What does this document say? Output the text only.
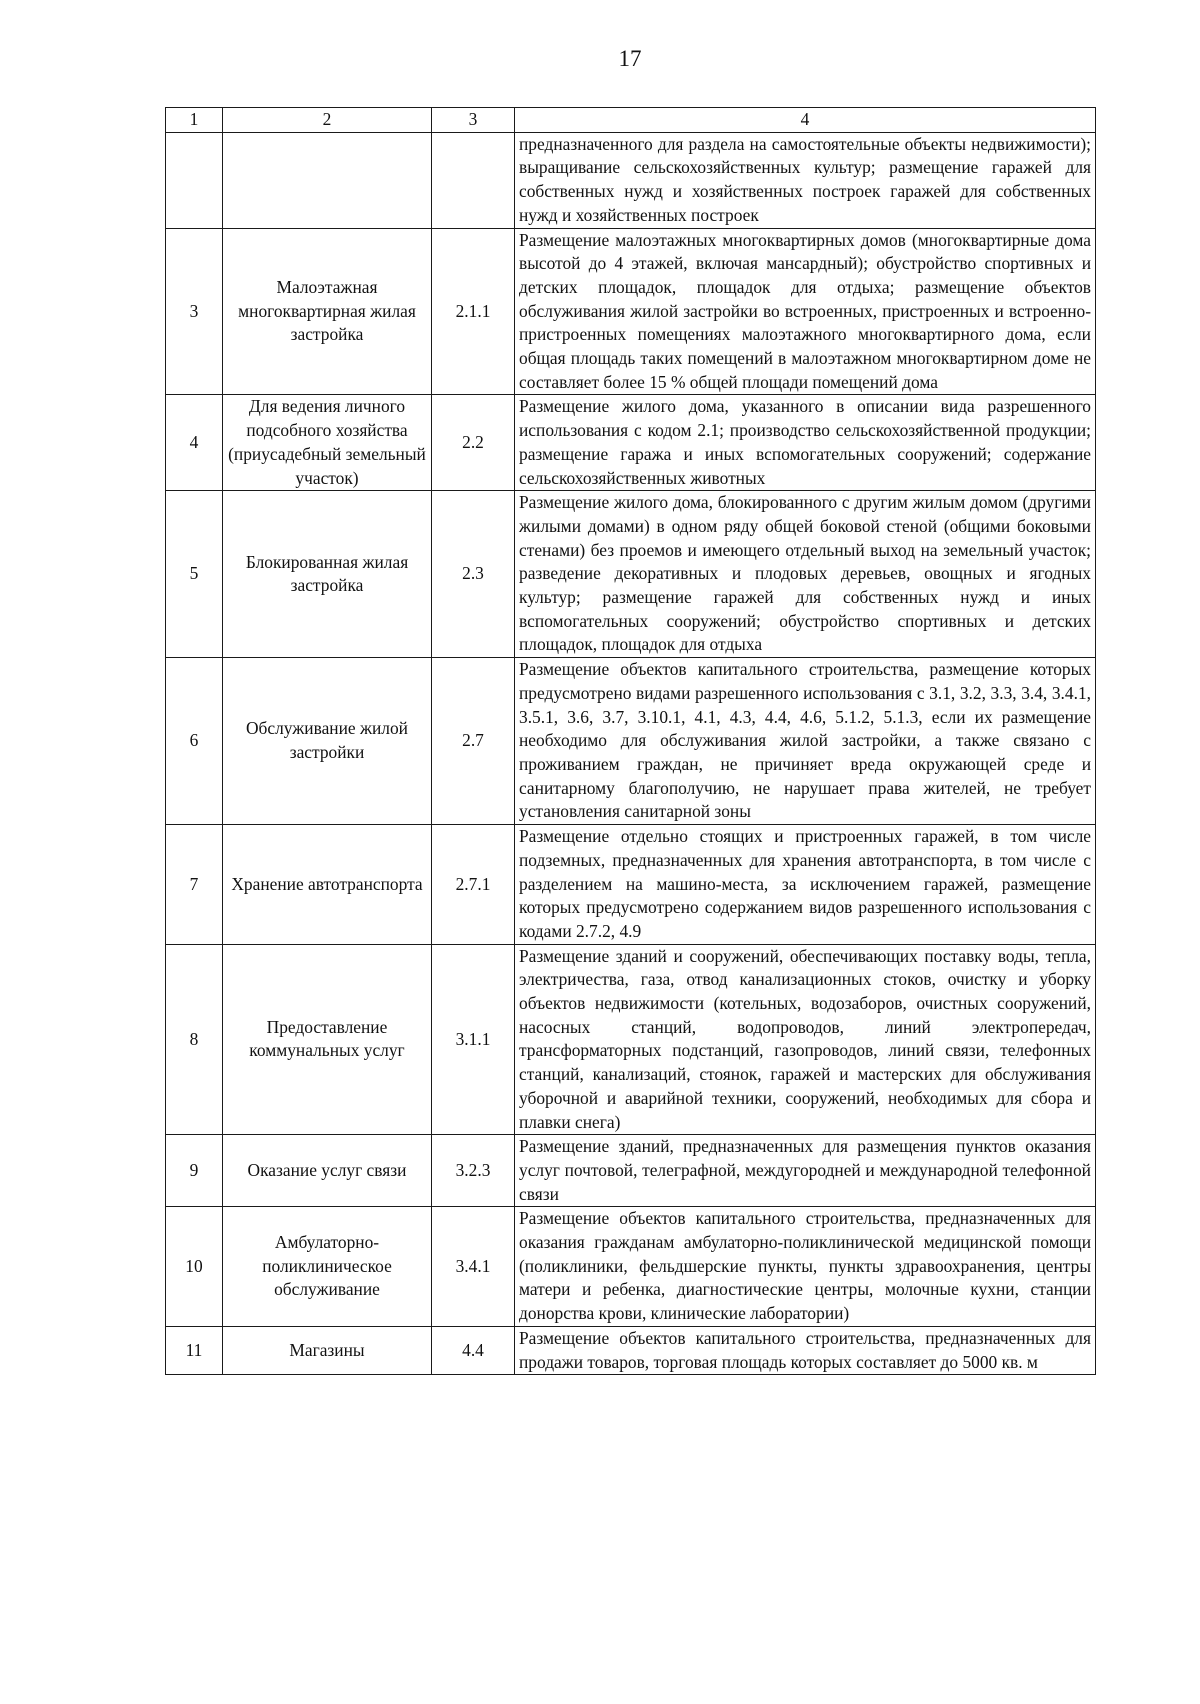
17
1	2	3	4
			предназначенного для раздела на самостоятельные объекты недвижимости); выращивание сельскохозяйственных культур; размещение гаражей для собственных нужд и хозяйственных построек гаражей для собственных нужд и хозяйственных построек
3	Малоэтажная многоквартирная жилая застройка	2.1.1	Размещение малоэтажных многоквартирных домов (многоквартирные дома высотой до 4 этажей, включая мансардный); обустройство спортивных и детских площадок, площадок для отдыха; размещение объектов обслуживания жилой застройки во встроенных, пристроенных и встроенно-пристроенных помещениях малоэтажного многоквартирного дома, если общая площадь таких помещений в малоэтажном многоквартирном доме не составляет более 15 % общей площади помещений дома
4	Для ведения личного подсобного хозяйства (приусадебный земельный участок)	2.2	Размещение жилого дома, указанного в описании вида разрешенного использования с кодом 2.1; производство сельскохозяйственной продукции; размещение гаража и иных вспомогательных сооружений; содержание сельскохозяйственных животных
5	Блокированная жилая застройка	2.3	Размещение жилого дома, блокированного с другим жилым домом (другими жилыми домами) в одном ряду общей боковой стеной (общими боковыми стенами) без проемов и имеющего отдельный выход на земельный участок; разведение декоративных и плодовых деревьев, овощных и ягодных культур; размещение гаражей для собственных нужд и иных вспомогательных сооружений; обустройство спортивных и детских площадок, площадок для отдыха
6	Обслуживание жилой застройки	2.7	Размещение объектов капитального строительства, размещение которых предусмотрено видами разрешенного использования с 3.1, 3.2, 3.3, 3.4, 3.4.1, 3.5.1, 3.6, 3.7, 3.10.1, 4.1, 4.3, 4.4, 4.6, 5.1.2, 5.1.3, если их размещение необходимо для обслуживания жилой застройки, а также связано с проживанием граждан, не причиняет вреда окружающей среде и санитарному благополучию, не нарушает права жителей, не требует установления санитарной зоны
7	Хранение автотранспорта	2.7.1	Размещение отдельно стоящих и пристроенных гаражей, в том числе подземных, предназначенных для хранения автотранспорта, в том числе с разделением на машино-места, за исключением гаражей, размещение которых предусмотрено содержанием видов разрешенного использования с кодами 2.7.2, 4.9
8	Предоставление коммунальных услуг	3.1.1	Размещение зданий и сооружений, обеспечивающих поставку воды, тепла, электричества, газа, отвод канализационных стоков, очистку и уборку объектов недвижимости (котельных, водозаборов, очистных сооружений, насосных станций, водопроводов, линий электропередач, трансформаторных подстанций, газопроводов, линий связи, телефонных станций, канализаций, стоянок, гаражей и мастерских для обслуживания уборочной и аварийной техники, сооружений, необходимых для сбора и плавки снега)
9	Оказание услуг связи	3.2.3	Размещение зданий, предназначенных для размещения пунктов оказания услуг почтовой, телеграфной, междугородней и международной телефонной связи
10	Амбулаторно-поликлиническое обслуживание	3.4.1	Размещение объектов капитального строительства, предназначенных для оказания гражданам амбулаторно-поликлинической медицинской помощи (поликлиники, фельдшерские пункты, пункты здравоохранения, центры матери и ребенка, диагностические центры, молочные кухни, станции донорства крови, клинические лаборатории)
11	Магазины	4.4	Размещение объектов капитального строительства, предназначенных для продажи товаров, торговая площадь которых составляет до 5000 кв. м
